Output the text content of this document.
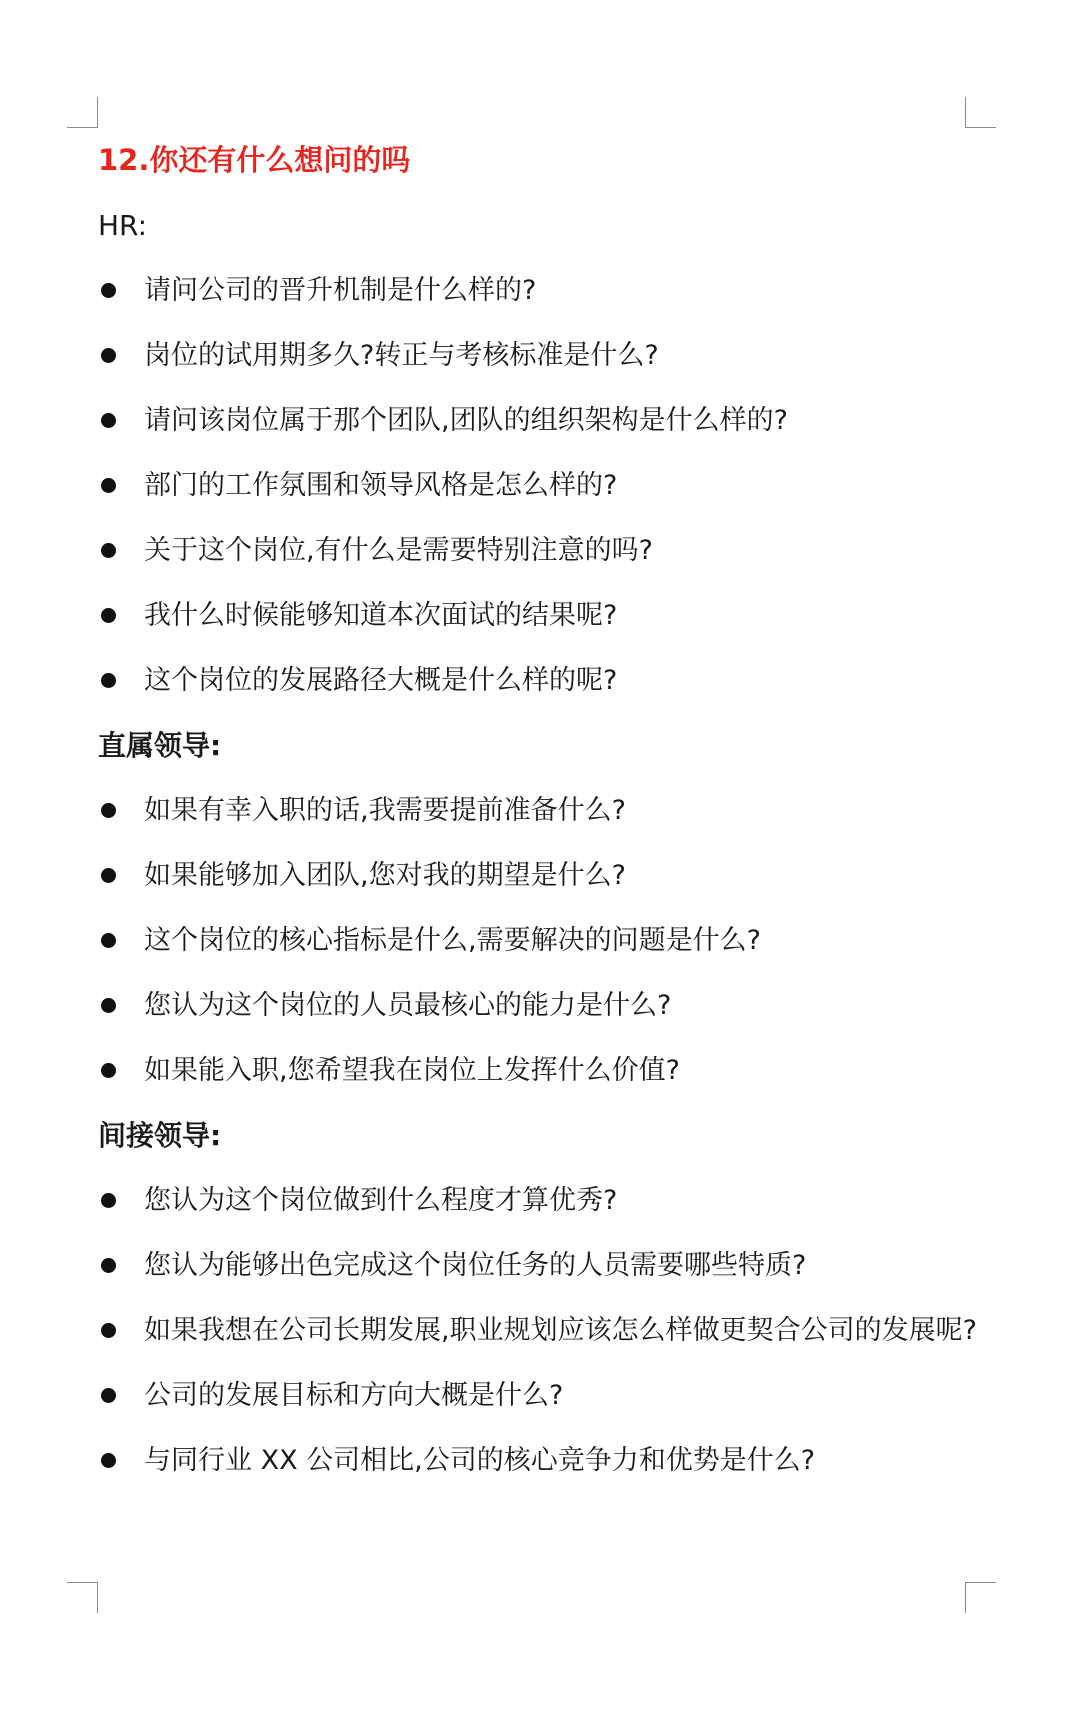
12.你还有什么想问的吗
HR:
请问公司的晋升机制是什么样的?
岗位的试用期多久?转正与考核标准是什么?
请问该岗位属于那个团队,团队的组织架构是什么样的?
部门的工作氛围和领导风格是怎么样的?
关于这个岗位,有什么是需要特别注意的吗?
我什么时候能够知道本次面试的结果呢?
这个岗位的发展路径大概是什么样的呢?
直属领导:
如果有幸入职的话,我需要提前准备什么?
如果能够加入团队,您对我的期望是什么?
这个岗位的核心指标是什么,需要解决的问题是什么?
您认为这个岗位的人员最核心的能力是什么?
如果能入职,您希望我在岗位上发挥什么价值?
间接领导:
您认为这个岗位做到什么程度才算优秀?
您认为能够出色完成这个岗位任务的人员需要哪些特质?
如果我想在公司长期发展,职业规划应该怎么样做更契合公司的发展呢?
公司的发展目标和方向大概是什么?
与同行业 XX 公司相比,公司的核心竞争力和优势是什么?
